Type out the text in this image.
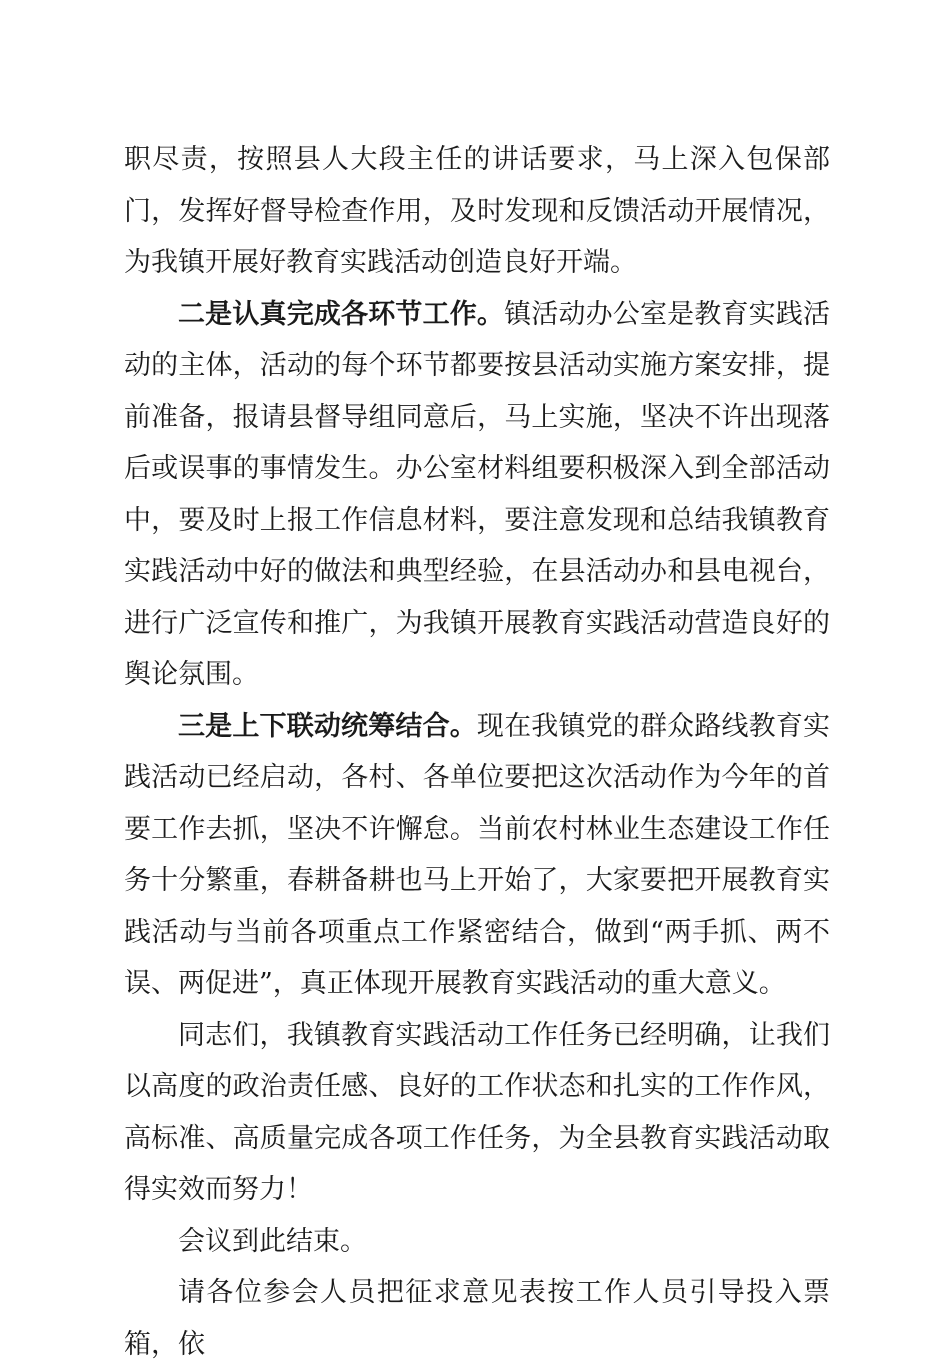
职尽责，按照县人大段主任的讲话要求，马上深入包保部门，发挥好督导检查作用，及时发现和反馈活动开展情况，为我镇开展好教育实践活动创造良好开端。

二是认真完成各环节工作。镇活动办公室是教育实践活动的主体，活动的每个环节都要按县活动实施方案安排，提前准备，报请县督导组同意后，马上实施，坚决不许出现落后或误事的事情发生。办公室材料组要积极深入到全部活动中，要及时上报工作信息材料，要注意发现和总结我镇教育实践活动中好的做法和典型经验，在县活动办和县电视台，进行广泛宣传和推广，为我镇开展教育实践活动营造良好的舆论氛围。

三是上下联动统筹结合。现在我镇党的群众路线教育实践活动已经启动，各村、各单位要把这次活动作为今年的首要工作去抓，坚决不许懈怠。当前农村林业生态建设工作任务十分繁重，春耕备耕也马上开始了，大家要把开展教育实践活动与当前各项重点工作紧密结合，做到“两手抓、两不误、两促进”，真正体现开展教育实践活动的重大意义。

同志们，我镇教育实践活动工作任务已经明确，让我们以高度的政治责任感、良好的工作状态和扎实的工作作风，高标准、高质量完成各项工作任务，为全县教育实践活动取得实效而努力！

会议到此结束。

请各位参会人员把征求意见表按工作人员引导投入票箱，依
